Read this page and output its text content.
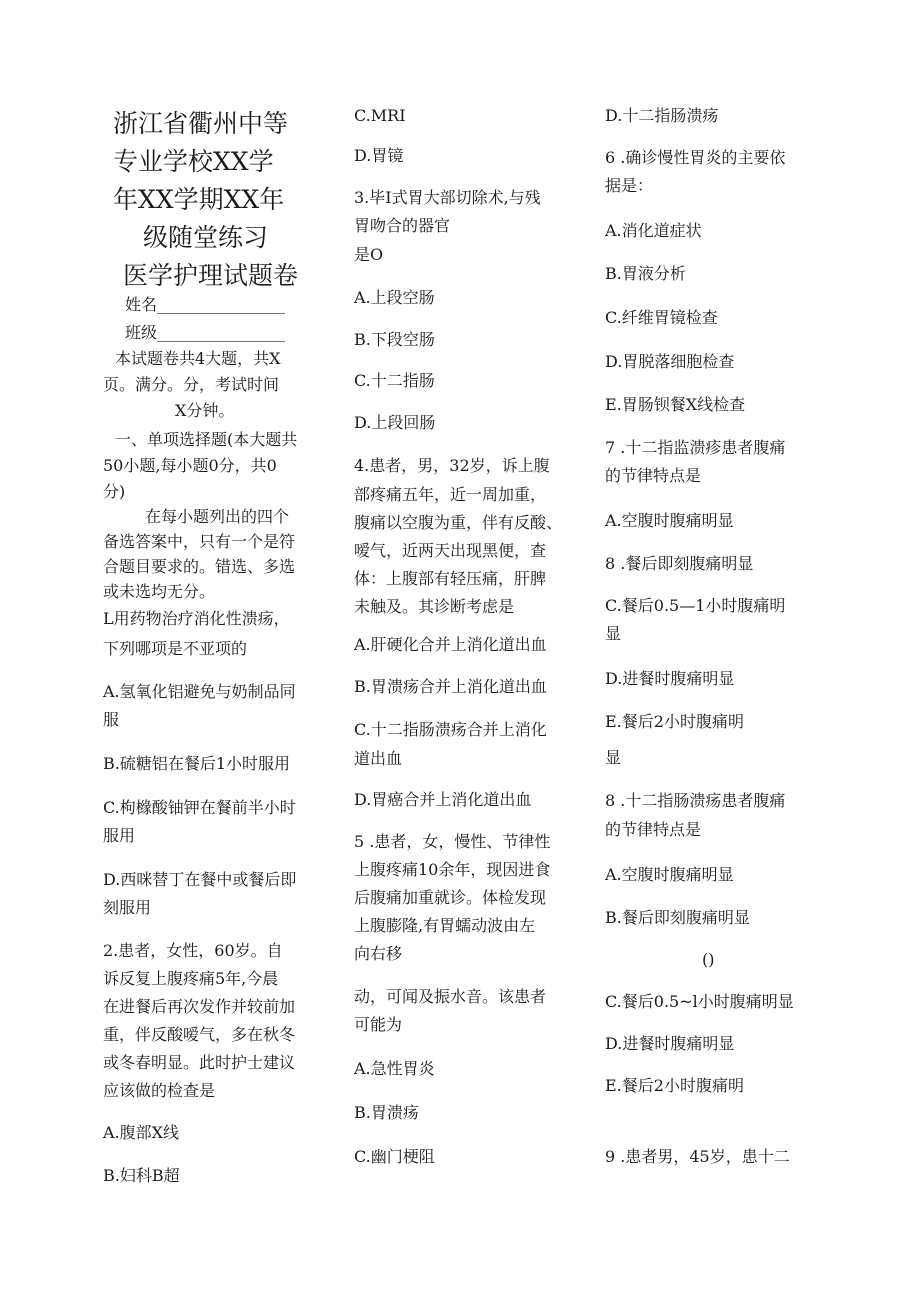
浙江省衢州中等
专业学校XX学
年XX学期XX年
级随堂练习
医学护理试题卷
姓名________________
班级________________
本试题卷共4大题，共X
页。满分。分，考试时间
X分钟。
一、单项选择题(本大题共
50小题,每小题0分，共0
分)
在每小题列出的四个
备选答案中，只有一个是符
合题目要求的。错选、多选
或未选均无分。
L用药物治疗消化性溃疡，
下列哪项是不亚项的
A.氢氧化铝避免与奶制品同
服
B.硫糖铝在餐后1小时服用
C.枸橼酸铀钾在餐前半小时
服用
D.西咪替丁在餐中或餐后即
刻服用
2.患者，女性，60岁。自
诉反复上腹疼痛5年,今晨
在进餐后再次发作并较前加
重，伴反酸嗳气，多在秋冬
或冬春明显。此时护士建议
应该做的检查是
A.腹部X线
B.妇科B超
C.MRI
D.胃镜
3.毕I式胃大部切除术,与残
胃吻合的器官
是O
A.上段空肠
B.下段空肠
C.十二指肠
D.上段回肠
4.患者，男，32岁，诉上腹
部疼痛五年，近一周加重，
腹痛以空腹为重，伴有反酸、
嗳气，近两天出现黑便，查
体：上腹部有轻压痛，肝脾
未触及。其诊断考虑是
A.肝硬化合并上消化道出血
B.胃溃疡合并上消化道出血
C.十二指肠溃疡合并上消化
道出血
D.胃癌合并上消化道出血
5 .患者，女，慢性、节律性
上腹疼痛10余年，现因进食
后腹痛加重就诊。体检发现
上腹膨隆,有胃蠕动波由左
向右移
动，可闻及振水音。该患者
可能为
A.急性胃炎
B.胃溃疡
C.幽门梗阻
D.十二指肠溃疡
6 .确诊慢性胃炎的主要依
据是：
A.消化道症状
B.胃液分析
C.纤维胃镜检查
D.胃脱落细胞检查
E.胃肠钡餐X线检查
7 .十二指监溃疹患者腹痛
的节律特点是
A.空腹时腹痛明显
8 .餐后即刻腹痛明显
C.餐后0.5—1小时腹痛明
显
D.进餐时腹痛明显
E.餐后2小时腹痛明
显
8 .十二指肠溃疡患者腹痛
的节律特点是
A.空腹时腹痛明显
B.餐后即刻腹痛明显
()
C.餐后0.5~l小时腹痛明显
D.进餐时腹痛明显
E.餐后2小时腹痛明
9 .患者男，45岁，患十二
